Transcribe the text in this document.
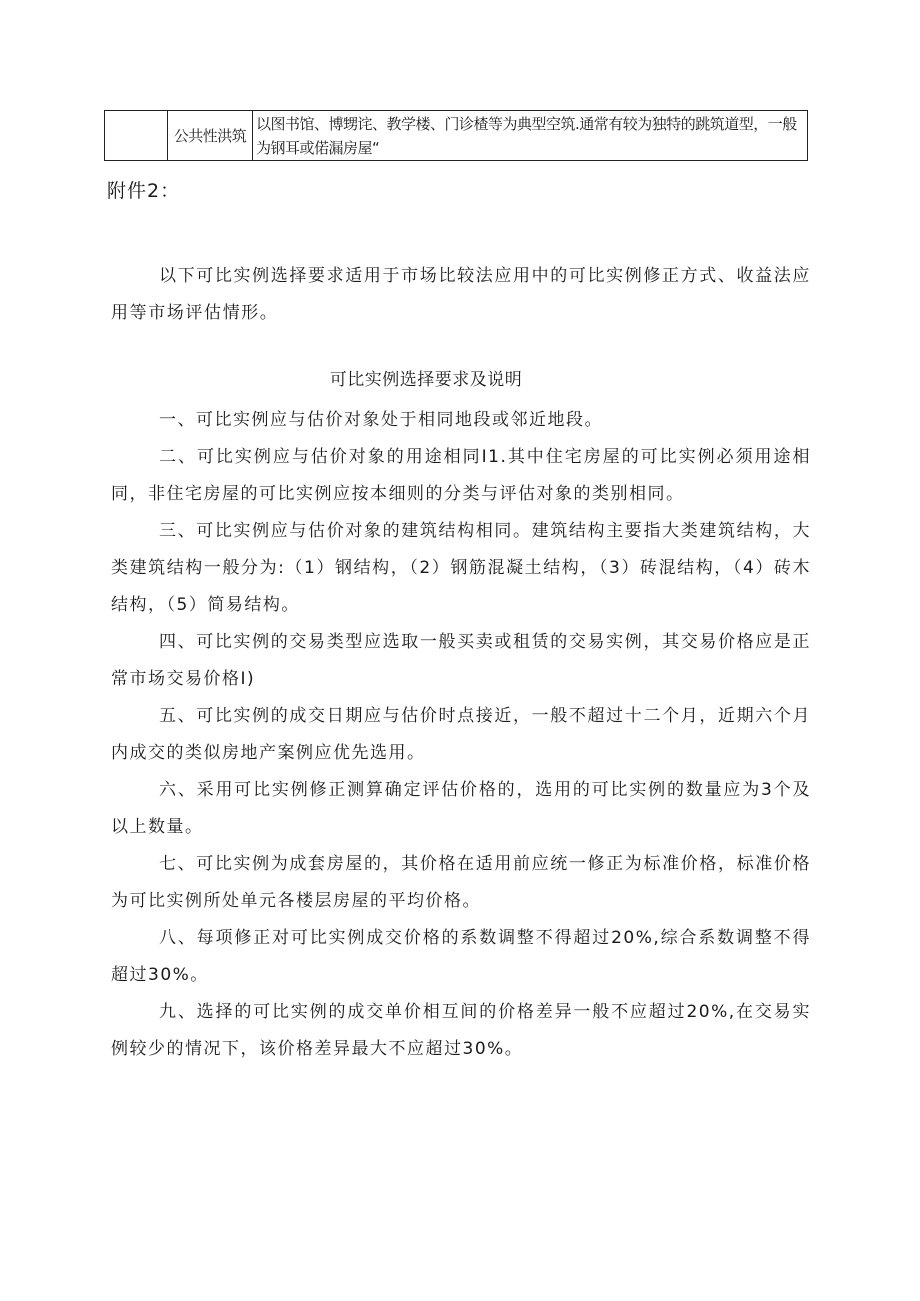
	公共性洪筑	以图书馆、博甥诧、教学楼、门诊楂等为典型空筑.通常有较为独特的跳筑道型，一般为钢耳或偌漏房屋“
附件2：

以下可比实例选择要求适用于市场比较法应用中的可比实例修正方式、收益法应用等市场评估情形。

可比实例选择要求及说明

一、可比实例应与估价对象处于相同地段或邻近地段。

二、可比实例应与估价对象的用途相同I1.其中住宅房屋的可比实例必须用途相同，非住宅房屋的可比实例应按本细则的分类与评估对象的类别相同。

三、可比实例应与估价对象的建筑结构相同。建筑结构主要指大类建筑结构，大类建筑结构一般分为:（1）钢结构，（2）钢筋混凝土结构，（3）砖混结构，（4）砖木结构，（5）简易结构。

四、可比实例的交易类型应选取一般买卖或租赁的交易实例，其交易价格应是正常市场交易价格I)

五、可比实例的成交日期应与估价时点接近，一般不超过十二个月，近期六个月内成交的类似房地产案例应优先选用。

六、采用可比实例修正测算确定评估价格的，选用的可比实例的数量应为3个及以上数量。

七、可比实例为成套房屋的，其价格在适用前应统一修正为标准价格，标准价格为可比实例所处单元各楼层房屋的平均价格。

八、每项修正对可比实例成交价格的系数调整不得超过20%,综合系数调整不得超过30%。

九、选择的可比实例的成交单价相互间的价格差异一般不应超过20%,在交易实例较少的情况下，该价格差异最大不应超过30%。
